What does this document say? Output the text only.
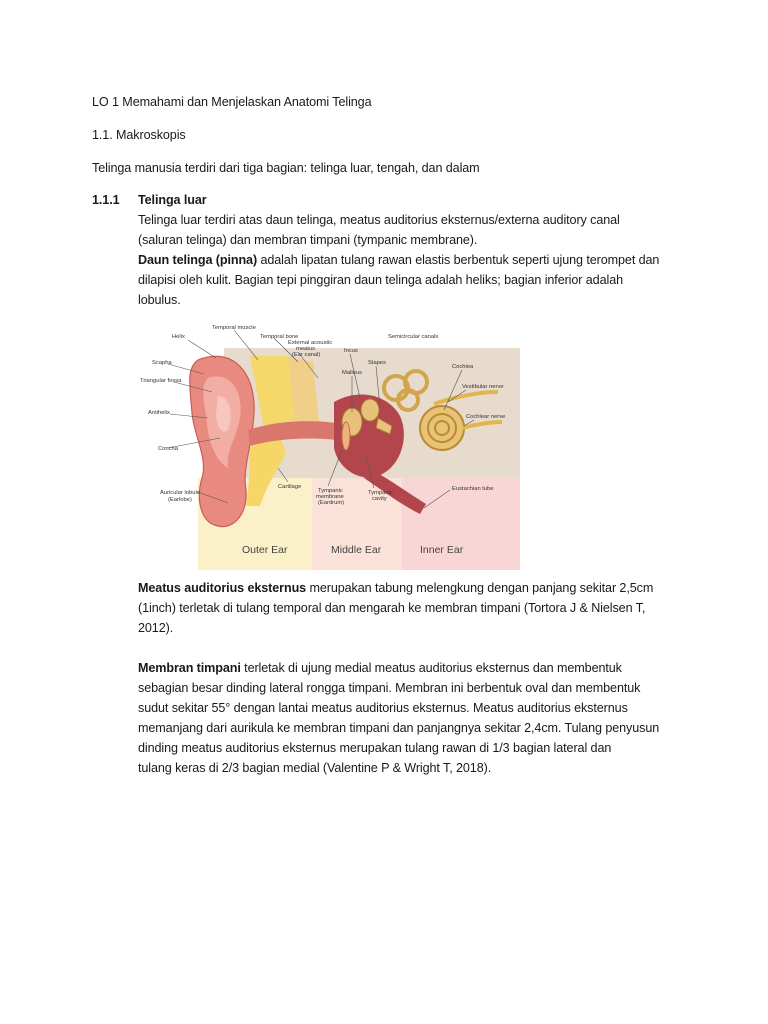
LO 1 Memahami dan Menjelaskan Anatomi Telinga
1.1. Makroskopis
Telinga manusia terdiri dari tiga bagian: telinga luar, tengah, dan dalam
1.1.1 Telinga luar
Telinga luar terdiri atas daun telinga, meatus auditorius eksternus/externa auditory canal
(saluran telinga) dan membran timpani (tympanic membrane).
Daun telinga (pinna) adalah lipatan tulang rawan elastis berbentuk seperti ujung terompet dan
dilapisi oleh kulit. Bagian tepi pinggiran daun telinga adalah heliks; bagian inferior adalah
lobulus.
Helix
Temporal muscle
Temporal bone
External acoustic
meatus
(Ear canal)
Incus
Semicircular canals
Stapes
Malleus
Cochlea
Scapha
Triangular fossa
Antihelix
Vestibular nerve
Cochlear nerve
Concha
Cartilage
Tympanic
membrane
(Eardrum)
Tympanic
cavity
Eustachian tube
Auricular lobule
(Earlobe)
Outer Ear	Middle Ear	Inner Ear
Meatus auditorius eksternus merupakan tabung melengkung dengan panjang sekitar 2,5cm
(1inch) terletak di tulang temporal dan mengarah ke membran timpani (Tortora J & Nielsen T,
2012).
Membran timpani terletak di ujung medial meatus auditorius eksternus dan membentuk
sebagian besar dinding lateral rongga timpani. Membran ini berbentuk oval dan membentuk
sudut sekitar 55° dengan lantai meatus auditorius eksternus. Meatus auditorius eksternus
memanjang dari aurikula ke membran timpani dan panjangnya sekitar 2,4cm. Tulang penyusun
dinding meatus auditorius eksternus merupakan tulang rawan di 1/3 bagian lateral dan
tulang keras di 2/3 bagian medial (Valentine P & Wright T, 2018).
